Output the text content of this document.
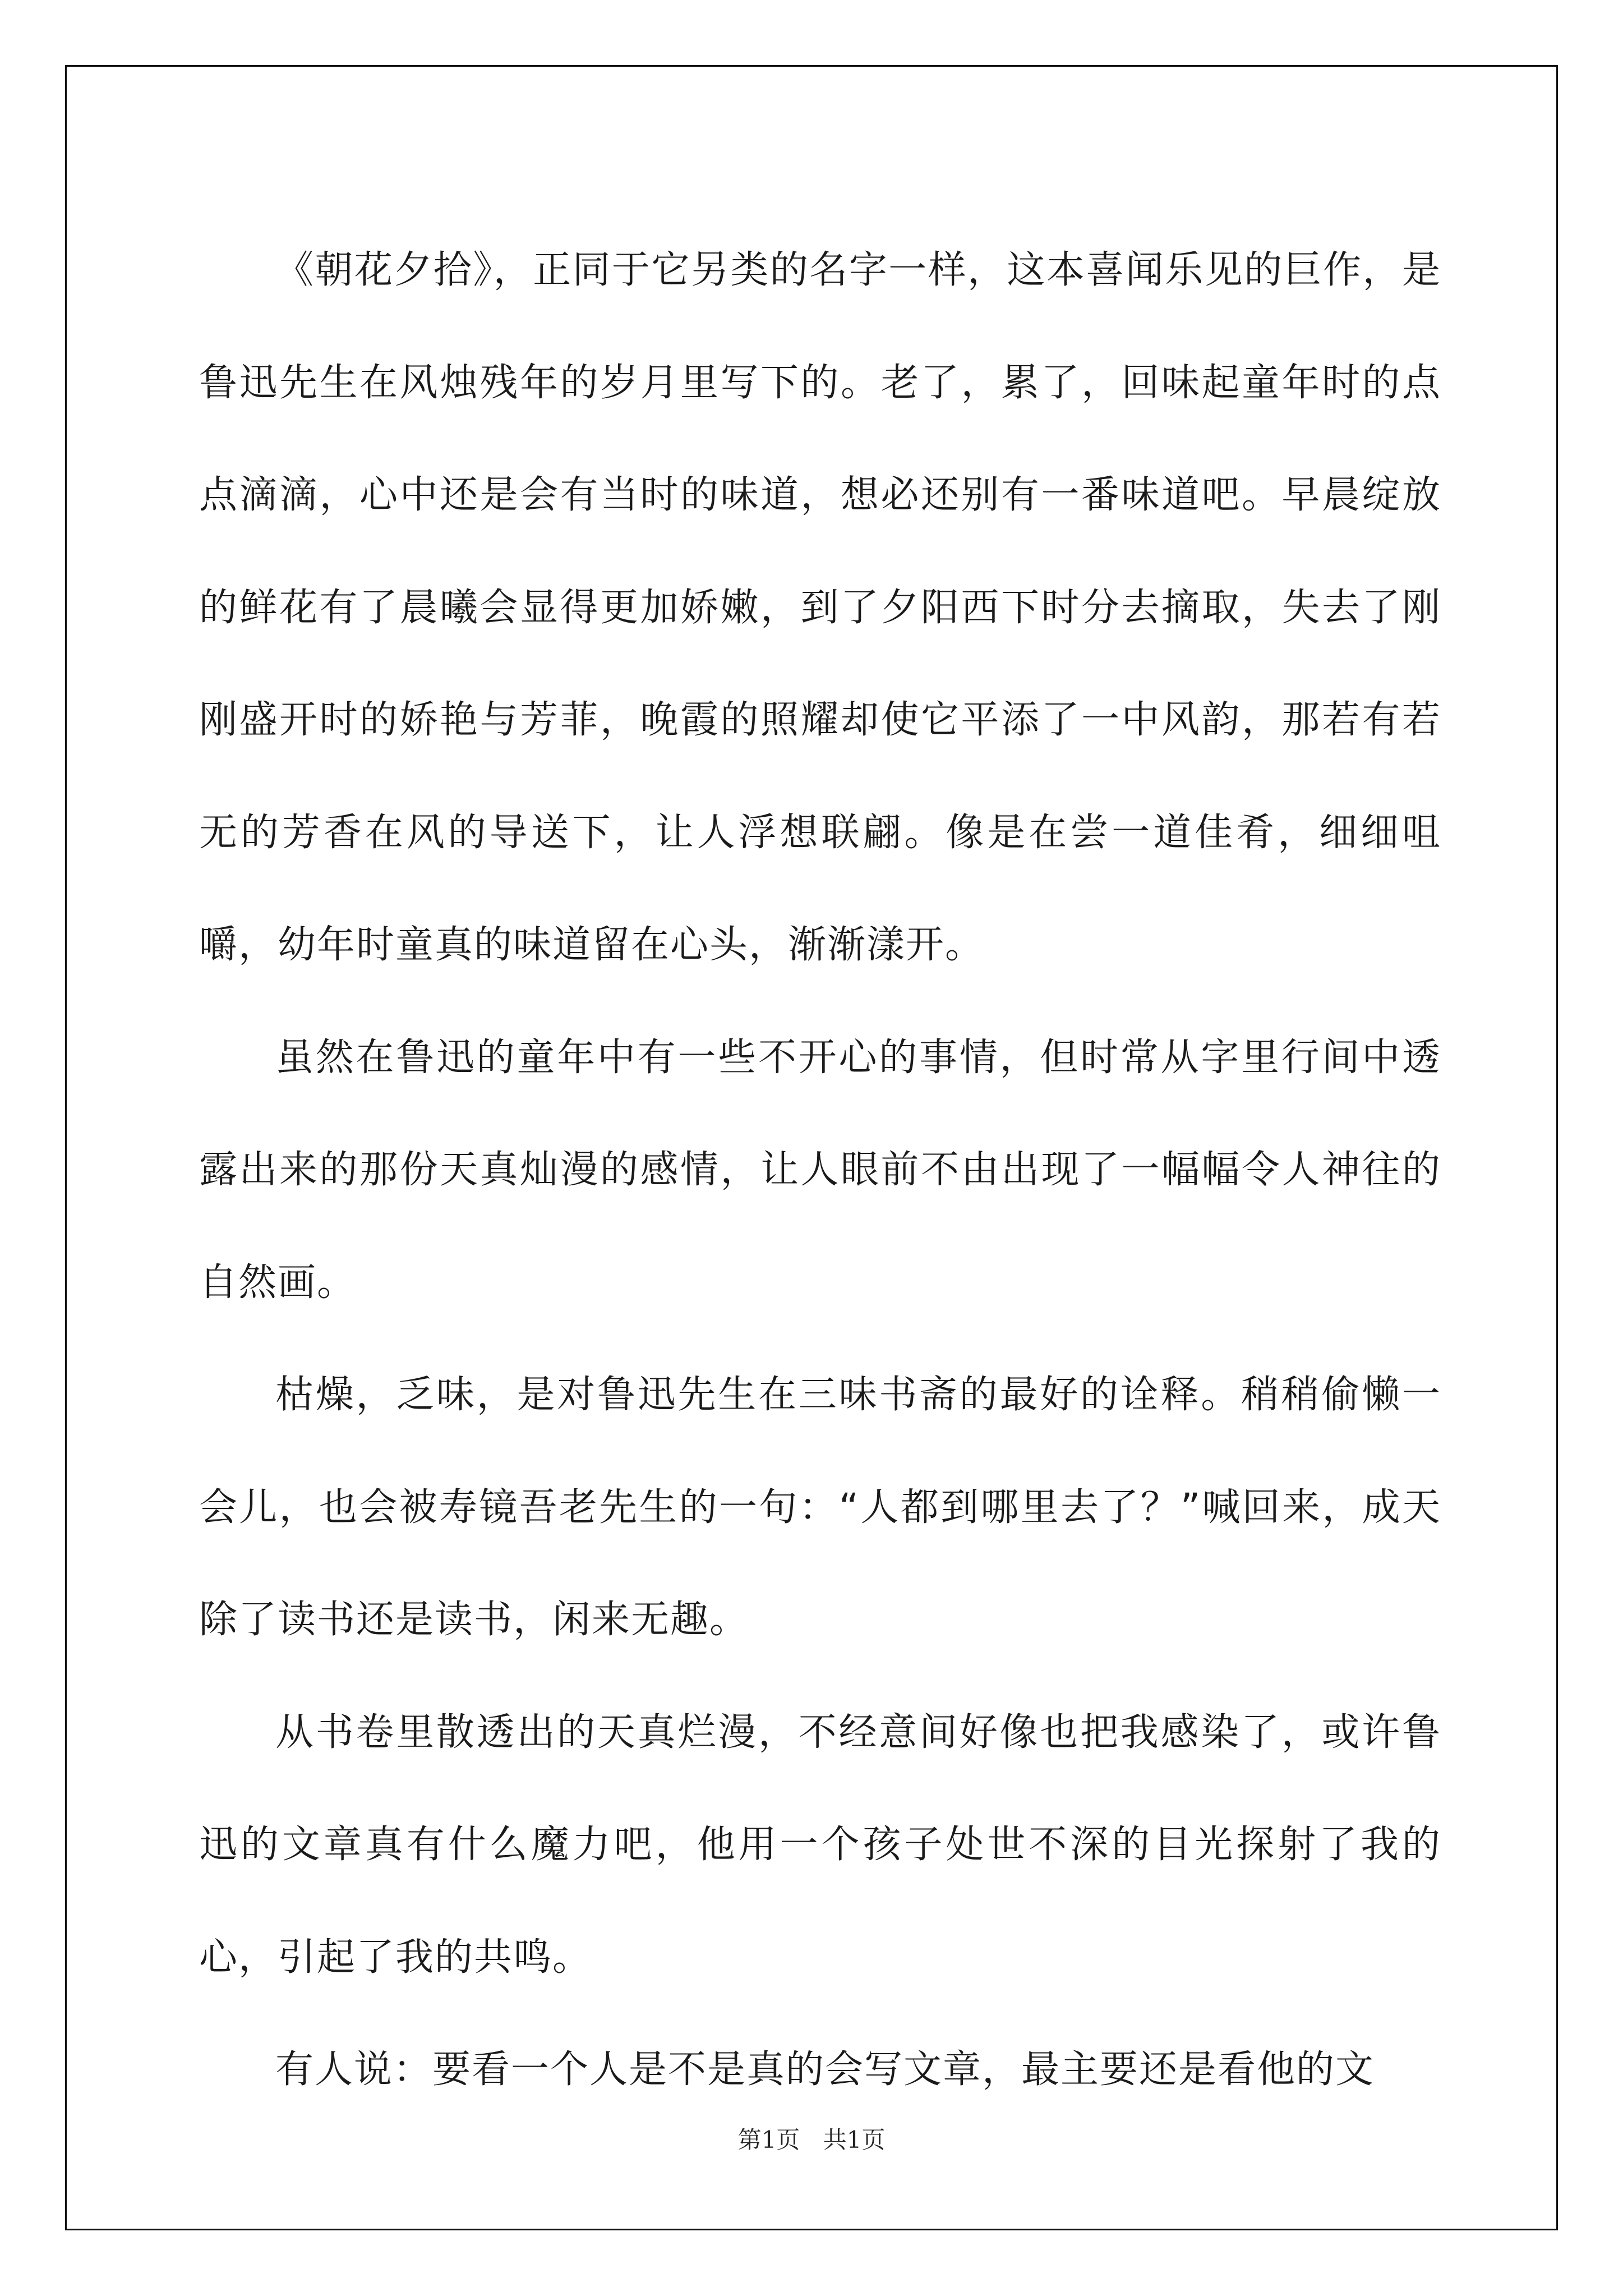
《朝花夕拾》，正同于它另类的名字一样，这本喜闻乐见的巨作，是鲁迅先生在风烛残年的岁月里写下的。老了，累了，回味起童年时的点点滴滴，心中还是会有当时的味道，想必还别有一番味道吧。早晨绽放的鲜花有了晨曦会显得更加娇嫩，到了夕阳西下时分去摘取，失去了刚刚盛开时的娇艳与芳菲，晚霞的照耀却使它平添了一中风韵，那若有若无的芳香在风的导送下，让人浮想联翩。像是在尝一道佳肴，细细咀嚼，幼年时童真的味道留在心头，渐渐漾开。

虽然在鲁迅的童年中有一些不开心的事情，但时常从字里行间中透露出来的那份天真灿漫的感情，让人眼前不由出现了一幅幅令人神往的自然画。

枯燥，乏味，是对鲁迅先生在三味书斋的最好的诠释。稍稍偷懒一会儿，也会被寿镜吾老先生的一句：“人都到哪里去了？”喊回来，成天除了读书还是读书，闲来无趣。

从书卷里散透出的天真烂漫，不经意间好像也把我感染了，或许鲁迅的文章真有什么魔力吧，他用一个孩子处世不深的目光探射了我的心，引起了我的共鸣。

有人说：要看一个人是不是真的会写文章，最主要还是看他的文

第1页 共1页
